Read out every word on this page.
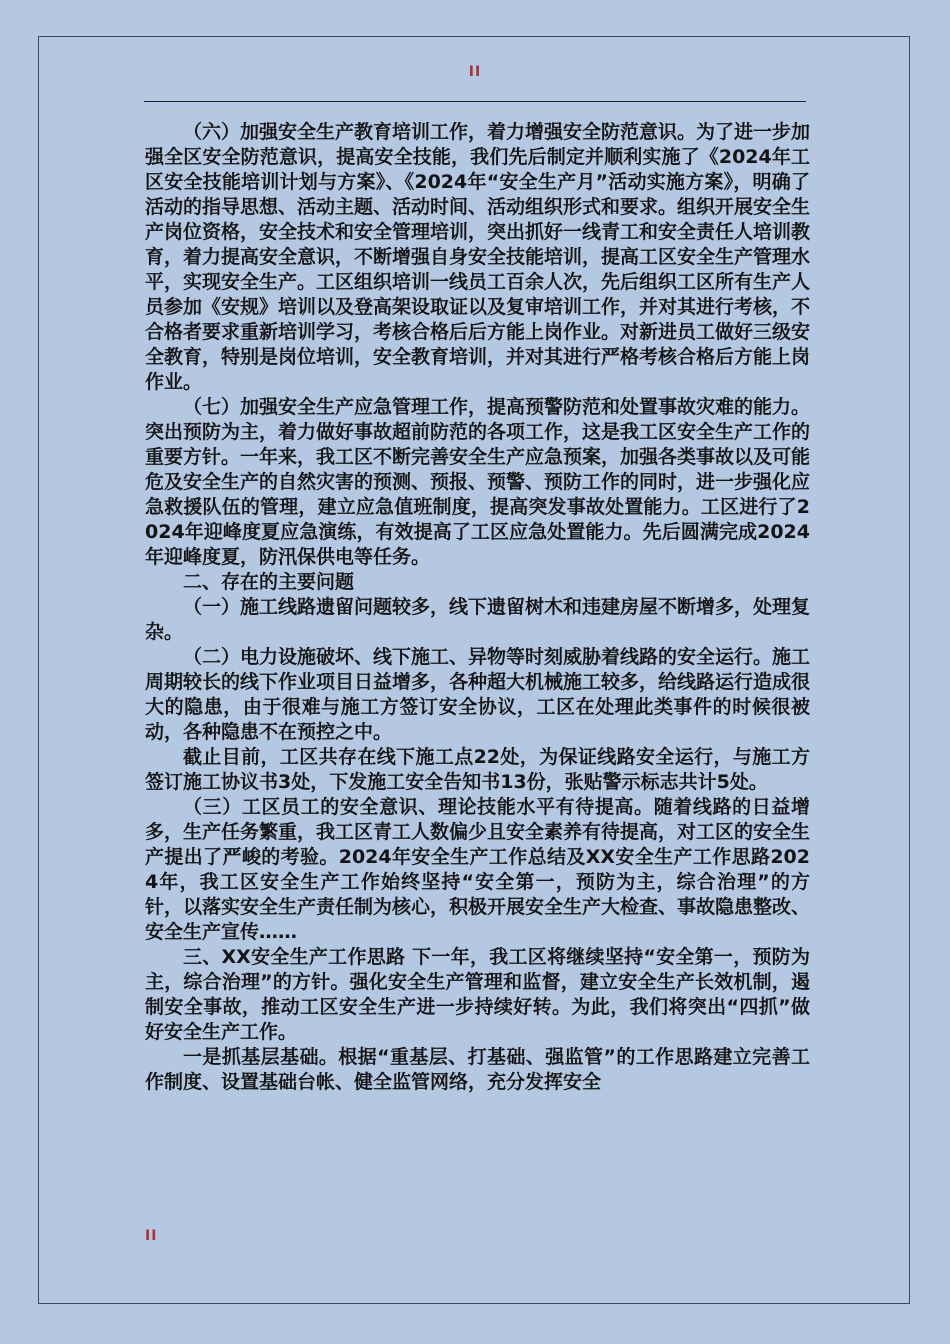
II

（六）加强安全生产教育培训工作，着力增强安全防范意识。为了进一步加强全区安全防范意识，提高安全技能，我们先后制定并顺利实施了《2024年工区安全技能培训计划与方案》、《2024年“安全生产月”活动实施方案》，明确了活动的指导思想、活动主题、活动时间、活动组织形式和要求。组织开展安全生产岗位资格，安全技术和安全管理培训，突出抓好一线青工和安全责任人培训教育，着力提高安全意识，不断增强自身安全技能培训，提高工区安全生产管理水平，实现安全生产。工区组织培训一线员工百余人次，先后组织工区所有生产人员参加《安规》培训以及登高架设取证以及复审培训工作，并对其进行考核，不合格者要求重新培训学习，考核合格后后方能上岗作业。对新进员工做好三级安全教育，特别是岗位培训，安全教育培训，并对其进行严格考核合格后方能上岗作业。

（七）加强安全生产应急管理工作，提高预警防范和处置事故灾难的能力。突出预防为主，着力做好事故超前防范的各项工作，这是我工区安全生产工作的重要方针。一年来，我工区不断完善安全生产应急预案，加强各类事故以及可能危及安全生产的自然灾害的预测、预报、预警、预防工作的同时，进一步强化应急救援队伍的管理，建立应急值班制度，提高突发事故处置能力。工区进行了2024年迎峰度夏应急演练，有效提高了工区应急处置能力。先后圆满完成2024年迎峰度夏，防汛保供电等任务。

二、存在的主要问题

（一）施工线路遗留问题较多，线下遗留树木和违建房屋不断增多，处理复杂。

（二）电力设施破坏、线下施工、异物等时刻威胁着线路的安全运行。施工周期较长的线下作业项目日益增多，各种超大机械施工较多，给线路运行造成很大的隐患，由于很难与施工方签订安全协议，工区在处理此类事件的时候很被动，各种隐患不在预控之中。

截止目前，工区共存在线下施工点22处，为保证线路安全运行，与施工方签订施工协议书3处，下发施工安全告知书13份，张贴警示标志共计5处。

（三）工区员工的安全意识、理论技能水平有待提高。随着线路的日益增多，生产任务繁重，我工区青工人数偏少且安全素养有待提高，对工区的安全生产提出了严峻的考验。2024年安全生产工作总结及XX安全生产工作思路2024年，我工区安全生产工作始终坚持“安全第一，预防为主，综合治理”的方针，以落实安全生产责任制为核心，积极开展安全生产大检查、事故隐患整改、安全生产宣传……

三、XX安全生产工作思路 下一年，我工区将继续坚持“安全第一，预防为主，综合治理”的方针。强化安全生产管理和监督，建立安全生产长效机制，遏制安全事故，推动工区安全生产进一步持续好转。为此，我们将突出“四抓”做好安全生产工作。

一是抓基层基础。根据“重基层、打基础、强监管”的工作思路建立完善工作制度、设置基础台帐、健全监管网络，充分发挥安全

II
